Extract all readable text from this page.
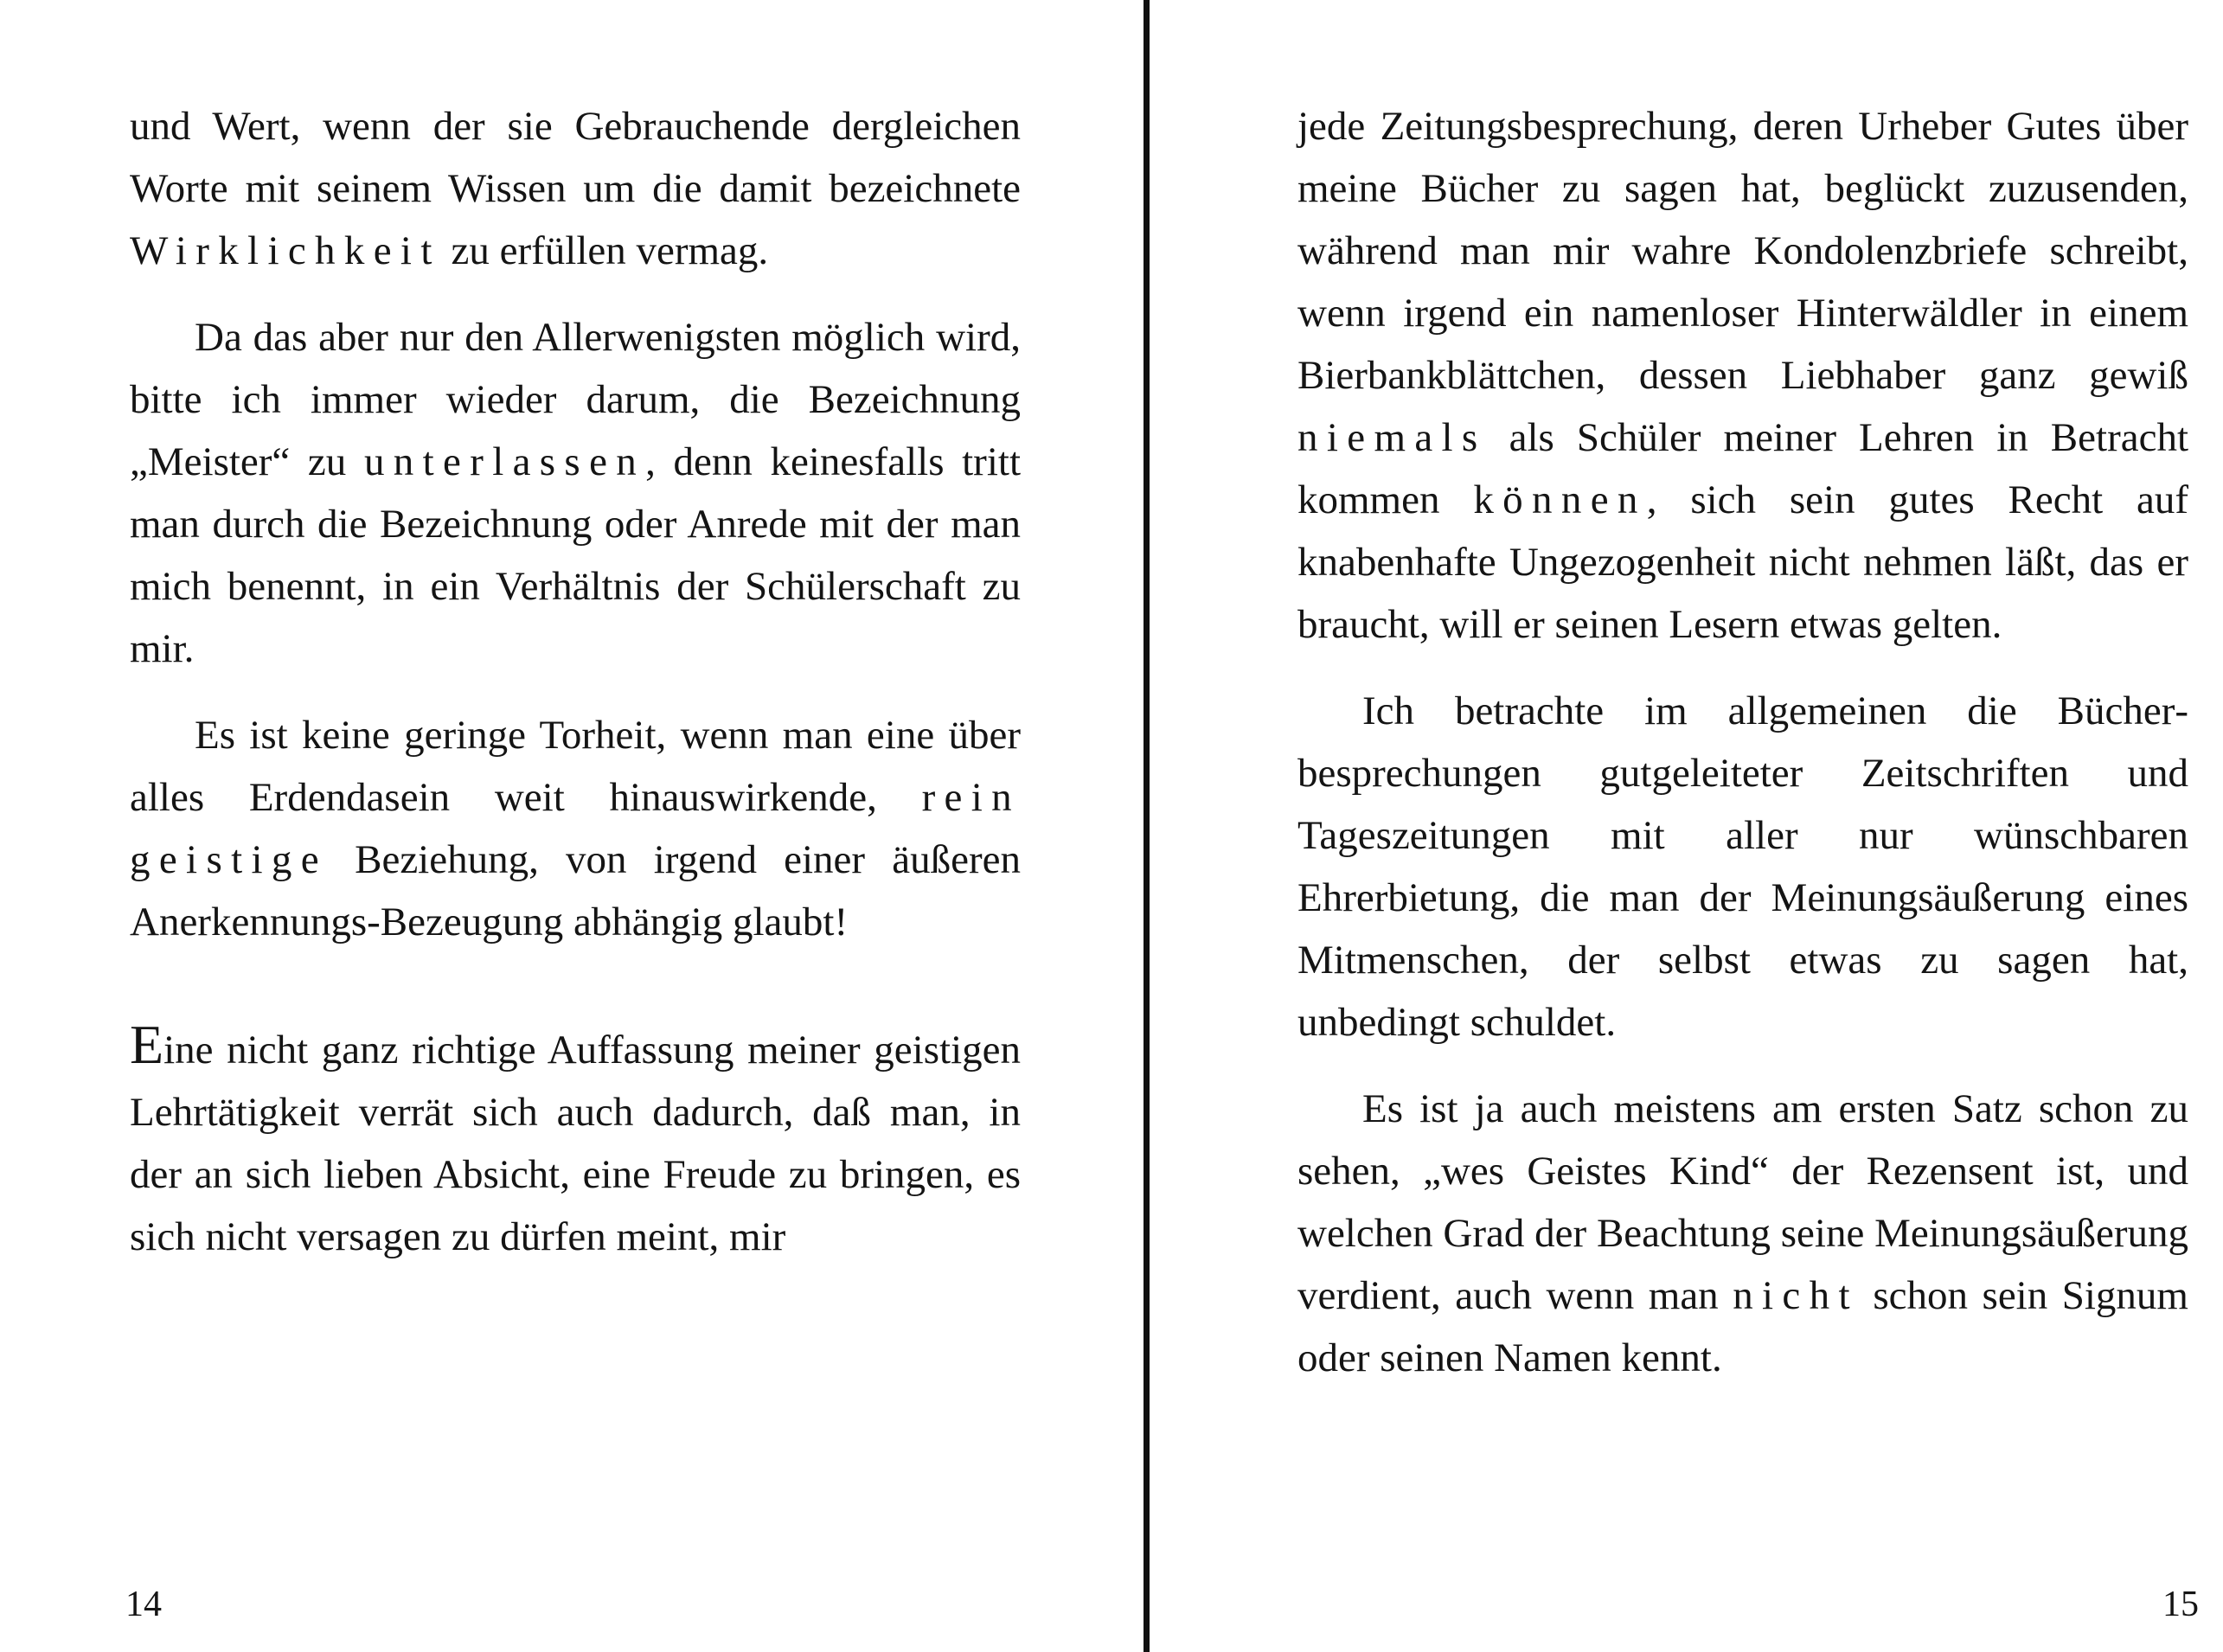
und Wert, wenn der sie Gebrauchende dergleichen Worte mit seinem Wissen um die damit bezeichnete Wirklichkeit zu erfüllen vermag.

Da das aber nur den Allerwenigsten möglich wird, bitte ich immer wieder darum, die Bezeichnung „Meister“ zu unterlassen, denn keinesfalls tritt man durch die Bezeichnung oder Anrede mit der man mich benennt, in ein Verhältnis der Schülerschaft zu mir.

Es ist keine geringe Torheit, wenn man eine über alles Erdendasein weit hinauswirkende, rein geistige Beziehung, von irgend einer äußeren Anerkennungs-Bezeugung abhängig glaubt!

Eine nicht ganz richtige Auffassung meiner geistigen Lehrtätigkeit verrät sich auch dadurch, daß man, in der an sich lieben Absicht, eine Freude zu bringen, es sich nicht versagen zu dürfen meint, mir

14

jede Zeitungsbesprechung, deren Urheber Gutes über meine Bücher zu sagen hat, beglückt zuzusenden, während man mir wahre Kondolenzbriefe schreibt, wenn irgend ein namenloser Hinterwäldler in einem Bierbankblättchen, dessen Liebhaber ganz gewiß niemals als Schüler meiner Lehren in Betracht kommen können, sich sein gutes Recht auf knabenhafte Ungezogenheit nicht nehmen läßt, das er braucht, will er seinen Lesern etwas gelten.

Ich betrachte im allgemeinen die Bücherbesprechungen gutgeleiteter Zeitschriften und Tageszeitungen mit aller nur wünschbaren Ehrerbietung, die man der Meinungsäußerung eines Mitmenschen, der selbst etwas zu sagen hat, unbedingt schuldet.

Es ist ja auch meistens am ersten Satz schon zu sehen, „wes Geistes Kind“ der Rezensent ist, und welchen Grad der Beachtung seine Meinungsäußerung verdient, auch wenn man nicht schon sein Signum oder seinen Namen kennt.

15
